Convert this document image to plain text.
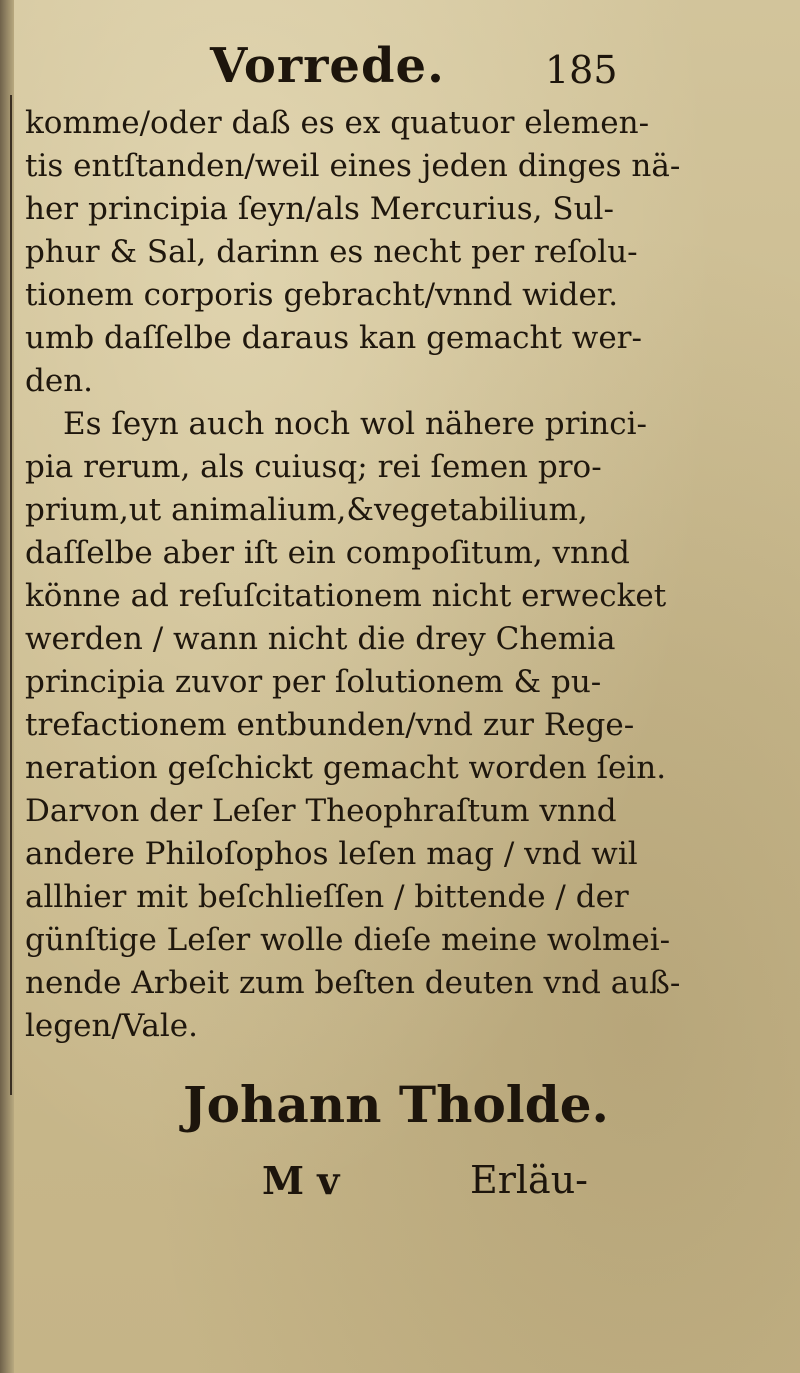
Vorrede.	185
komme/oder daß es ex quatuor elemen-
tis entſtanden/weil eines jeden dinges nä-
her principia ſeyn/als Mercurius, Sul-
phur & Sal, darinn es necht per reſolu-
tionem corporis gebracht/vnnd wider.
umb daſſelbe daraus kan gemacht wer-
den.
Es ſeyn auch noch wol nähere princi-
pia rerum, als cuiusq; rei ſemen pro-
prium,ut animalium,&vegetabilium,
daſſelbe aber iſt ein compoſitum, vnnd
könne ad reſuſcitationem nicht erwecket
werden / wann nicht die drey Chemia
principia zuvor per ſolutionem & pu-
trefactionem entbunden/vnd zur Rege-
neration geſchickt gemacht worden ſein.
Darvon der Leſer Theophraſtum vnnd
andere Philoſophos leſen mag / vnd wil
allhier mit beſchlieſſen / bittende / der
günſtige Leſer wolle dieſe meine wolmei-
nende Arbeit zum beſten deuten vnd auß-
legen/Vale.
Johann Tholde.
M v	Erläu-
